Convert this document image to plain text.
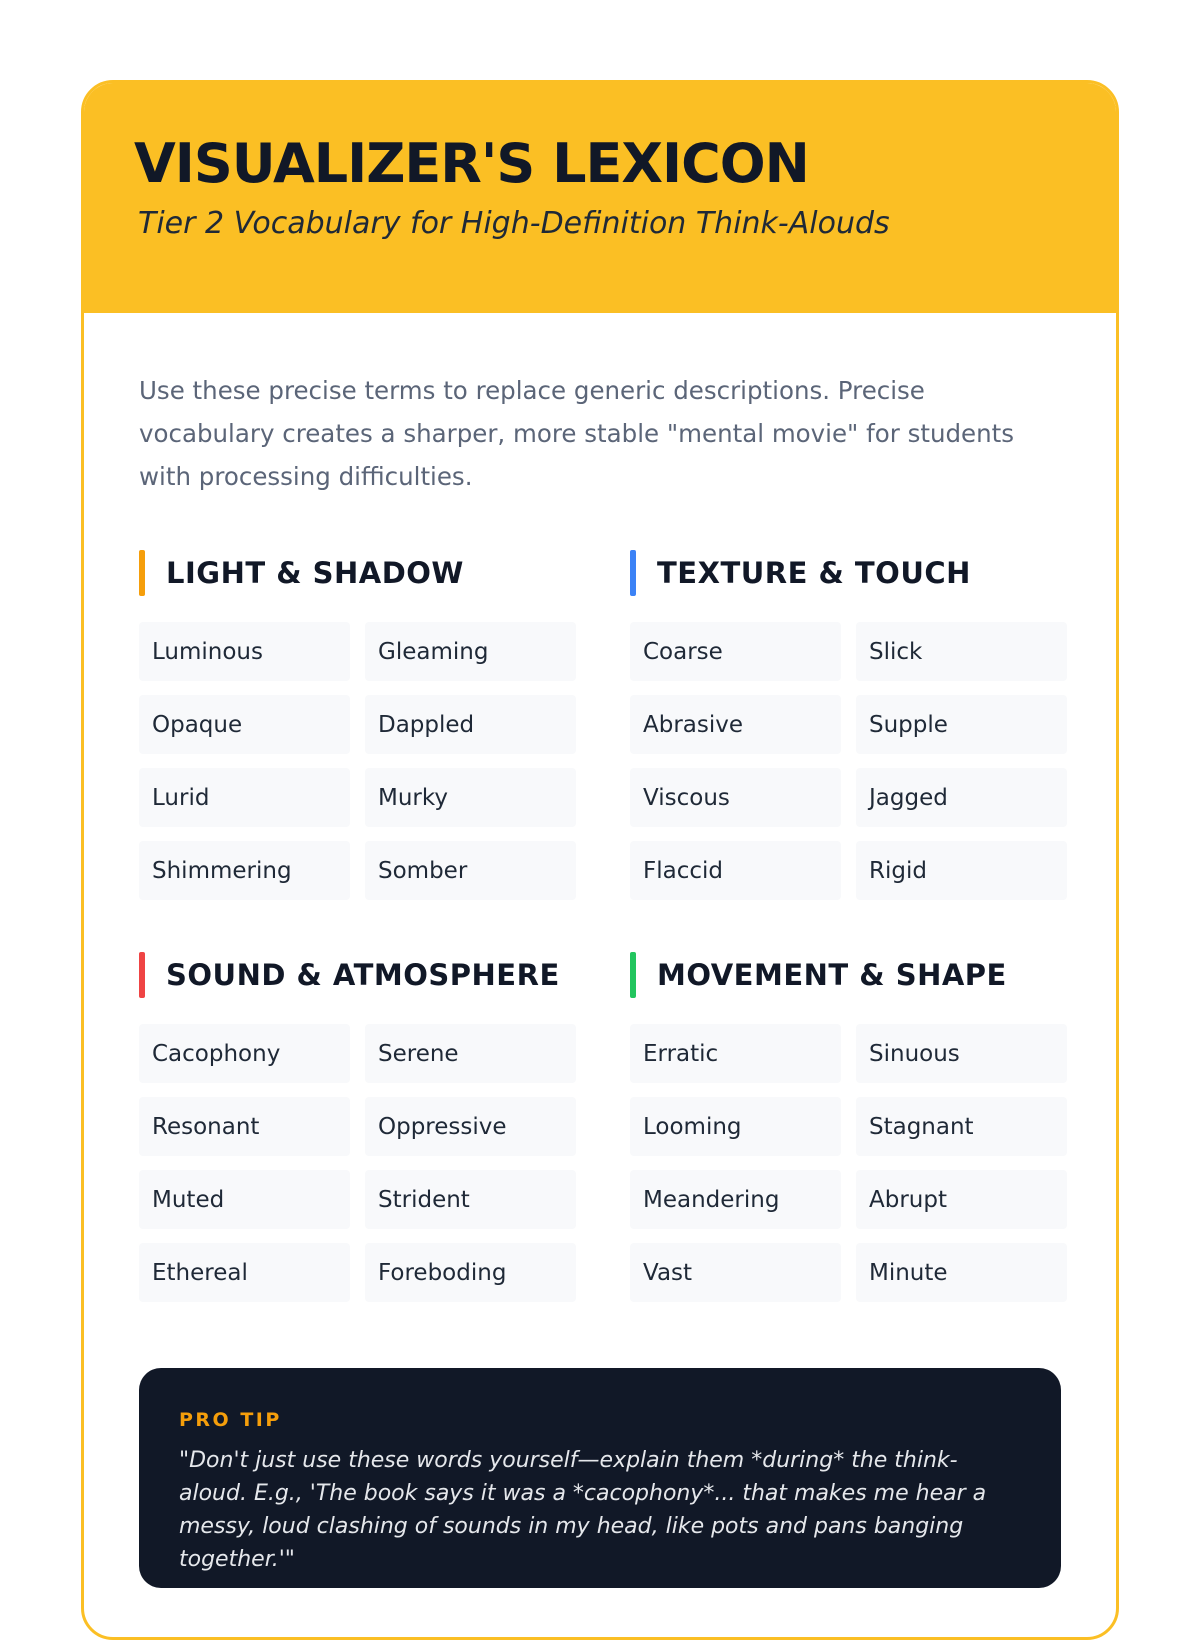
VISUALIZER'S LEXICON
Tier 2 Vocabulary for High-Definition Think-Alouds

Use these precise terms to replace generic descriptions. Precise vocabulary creates a sharper, more stable "mental movie" for students with processing difficulties.

LIGHT & SHADOW
Luminous	Gleaming
Opaque	Dappled
Lurid	Murky
Shimmering	Somber
TEXTURE & TOUCH
Coarse	Slick
Abrasive	Supple
Viscous	Jagged
Flaccid	Rigid
SOUND & ATMOSPHERE
Cacophony	Serene
Resonant	Oppressive
Muted	Strident
Ethereal	Foreboding
MOVEMENT & SHAPE
Erratic	Sinuous
Looming	Stagnant
Meandering	Abrupt
Vast	Minute
PRO TIP

"Don't just use these words yourself—explain them *during* the think-aloud. E.g., 'The book says it was a *cacophony*... that makes me hear a messy, loud clashing of sounds in my head, like pots and pans banging together.'"
